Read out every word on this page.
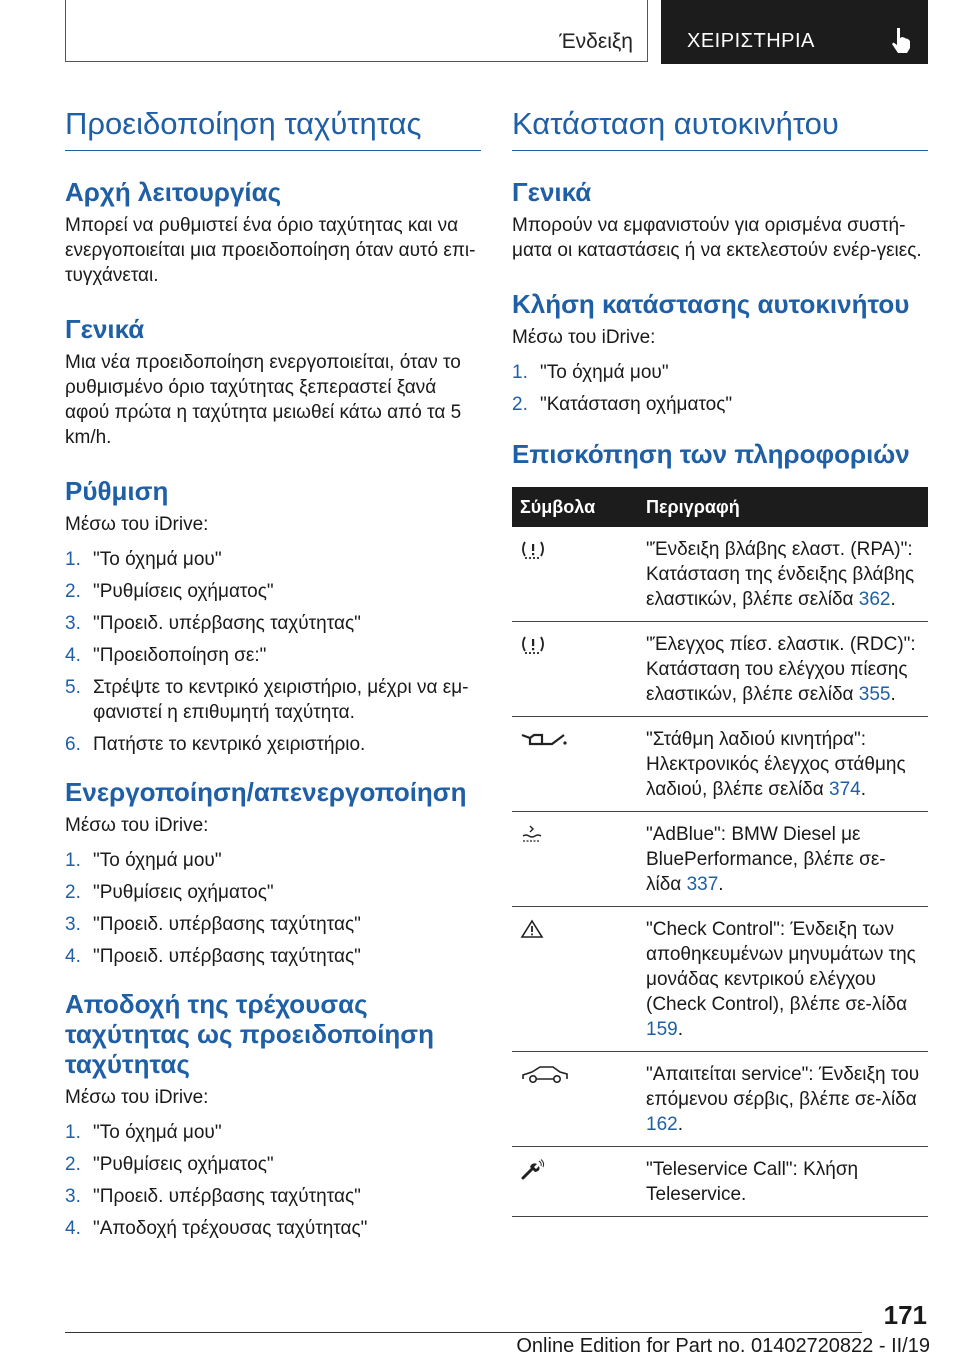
Ένδειξη	ΧΕΙΡΙΣΤΗΡΙΑ
Προειδοποίηση ταχύτητας
Αρχή λειτουργίας

Μπορεί να ρυθμιστεί ένα όριο ταχύτητας και να ενεργοποιείται μια προειδοποίηση όταν αυτό επι-τυγχάνεται.

Γενικά

Μια νέα προειδοποίηση ενεργοποιείται, όταν το ρυθμισμένο όριο ταχύτητας ξεπεραστεί ξανά αφού πρώτα η ταχύτητα μειωθεί κάτω από τα 5 km/h.

Ρύθμιση

Μέσω του iDrive:

1. "Το όχημά μου"
2. "Ρυθμίσεις οχήματος"
3. "Προειδ. υπέρβασης ταχύτητας"
4. "Προειδοποίηση σε:"
5. Στρέψτε το κεντρικό χειριστήριο, μέχρι να εμ-φανιστεί η επιθυμητή ταχύτητα.
6. Πατήστε το κεντρικό χειριστήριο.
Ενεργοποίηση/απενεργοποίηση

Μέσω του iDrive:

1. "Το όχημά μου"
2. "Ρυθμίσεις οχήματος"
3. "Προειδ. υπέρβασης ταχύτητας"
4. "Προειδ. υπέρβασης ταχύτητας"
Αποδοχή της τρέχουσας ταχύτητας ως προειδοποίηση ταχύτητας

Μέσω του iDrive:

1. "Το όχημά μου"
2. "Ρυθμίσεις οχήματος"
3. "Προειδ. υπέρβασης ταχύτητας"
4. "Αποδοχή τρέχουσας ταχύτητας"
Κατάσταση αυτοκινήτου
Γενικά

Μπορούν να εμφανιστούν για ορισμένα συστή-ματα οι καταστάσεις ή να εκτελεστούν ενέρ-γειες.

Κλήση κατάστασης αυτοκινήτου

Μέσω του iDrive:

1. "Το όχημά μου"
2. "Κατάσταση οχήματος"
Επισκόπηση των πληροφοριών
Σύμβολα	Περιγραφή
	"Ένδειξη βλάβης ελαστ. (RPA)": Κατάσταση της ένδειξης βλάβης ελαστικών, βλέπε σελίδα 362.
	"Έλεγχος πίεσ. ελαστικ. (RDC)": Κατάσταση του ελέγχου πίεσης ελαστικών, βλέπε σελίδα 355.
	"Στάθμη λαδιού κινητήρα": Ηλεκτρονικός έλεγχος στάθμης λαδιού, βλέπε σελίδα 374.
	"AdBlue": BMW Diesel με BluePerformance, βλέπε σε-λίδα 337.
	"Check Control": Ένδειξη των αποθηκευμένων μηνυμάτων της μονάδας κεντρικού ελέγχου (Check Control), βλέπε σε-λίδα 159.
	"Απαιτείται service": Ένδειξη του επόμενου σέρβις, βλέπε σε-λίδα 162.
	"Teleservice Call": Κλήση Teleservice.
171
Online Edition for Part no. 01402720822 - II/19
